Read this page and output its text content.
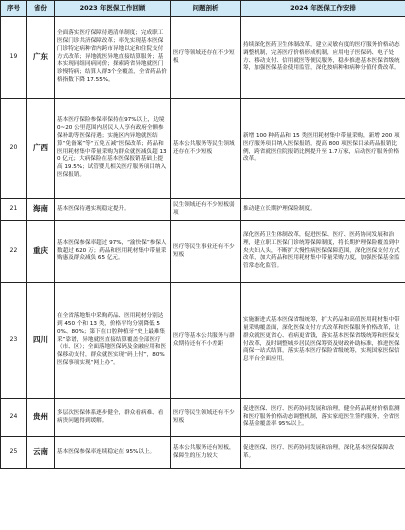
序号	省份	2023 年医保工作回顾	问题剖析	2024 年医保工作安排
19	广东	全面落实医疗保障待遇清单制度；完成职工医保门诊共济保障改革；率先实现基本医保门诊特定病种省内跨市异地以定和住院支付方式改革；异地就医异地直接结算服务；基本实现同组同病同价；探索跨省异地就医门诊慢特病；结算人群3个全覆盖，全省药品价格指数下降 17.55%。	医疗等领域还存在不少短板	持续深化医药卫生体制改革，建立灵敏有度的医疗服务价格动态调整机制，完善医疗价格形成机制，应用电子医保码、电子处方、移动支付、信用就医等便民服务，稳步推进基本医保省级统筹，加强医保基金使用监管，深化按病种和病种分值付费改革。
20	广西	基本医疗保险参保率保持在97%以上，边境 0~20 公里范围内居民人人享有政府全额参保补助等医保待遇；实施区内异地就医结算“免备案”等“五免五减”医保改革；药品和医用耗材集中带量采购为群众就医减负超 130 亿元；大病保险在基本医保报销基础上提高 19.5%；试管婴儿相关医疗服务项目纳入医保报销。	基本公共服务等民生领域还存在不少短板	新增 100 种药品和 15 类医用耗材集中带量采购，新增 200 项医疗服务项目纳入医保报销，提高 800 项医保目录药品报销比例，跨省就医住院报销比例提升至 1.7万家，启动医疗服务价格改革。
21	海南	基本医保待遇实现稳定提升。	民生领域还有不少短板弱项	推动建立长期护理保险制度。
22	重庆	基本医保参保率超过 97%，“渝快保”参保人数超过 620 万；药品和医用耗材集中带量采购惠及群众减负 65 亿元。	医疗等民生事业还有不少短板	深化医药卫生体制改革，促进医保、医疗、医药协同发展和治理，建立职工医保门诊统筹保障制度，将长期护理保险覆盖到中央夫妇人头，不断扩大慢性病医保保障范围，深化医保支付方式改革，加大药品和医用耗材集中带量采购力度，加强医保基金监管常态化监管。
23	四川	在全省落地集中采购药品、医用耗材分别达到 450 个和 13 类，价格平均分别降低 50%、80%；第下在口腔种植牙“史上最难集采”靠谱，异地就医直接结算覆盖全部医疗（市、区）；全面落地医保码及金融应用和医保移动支付，群众就医实现“码上付”，80%医保事项实现“网上办”。	医疗等基本公共服务与群众期待还有不小差距	实施渐进式基本医保省级统筹，扩大药品和高值医用耗材集中带量采购覆盖面，深化医保支付方式改革和医保服务价格改革，让群众就医更省心、看病更省钱，落实基本医保省级统筹和医保支付改革，及时调整城乡居民医保筹资及财政补助标准，推进医保商保一站式结算，落实基本医疗保险省级统筹，实现国家医保信息平台全面应用。
24	贵州	多层次医保体系逐步健全，群众看病难、看病贵问题得到缓解。	医疗等民生领域还有不少短板	促进医保、医疗、医药协同发展和治理，健全药品耗材价格监测和医疗服务价格动态调整机制，落实家庭医生签约服务，全省医保基金覆盖率 95%以上。
25	云南	基本医保参保率连续稳定在 95%以上。	基本公共服务还有短板，保障生的压力较大	促进医保、医疗、医药协同发展和治理，深化基本医保保障改革。
